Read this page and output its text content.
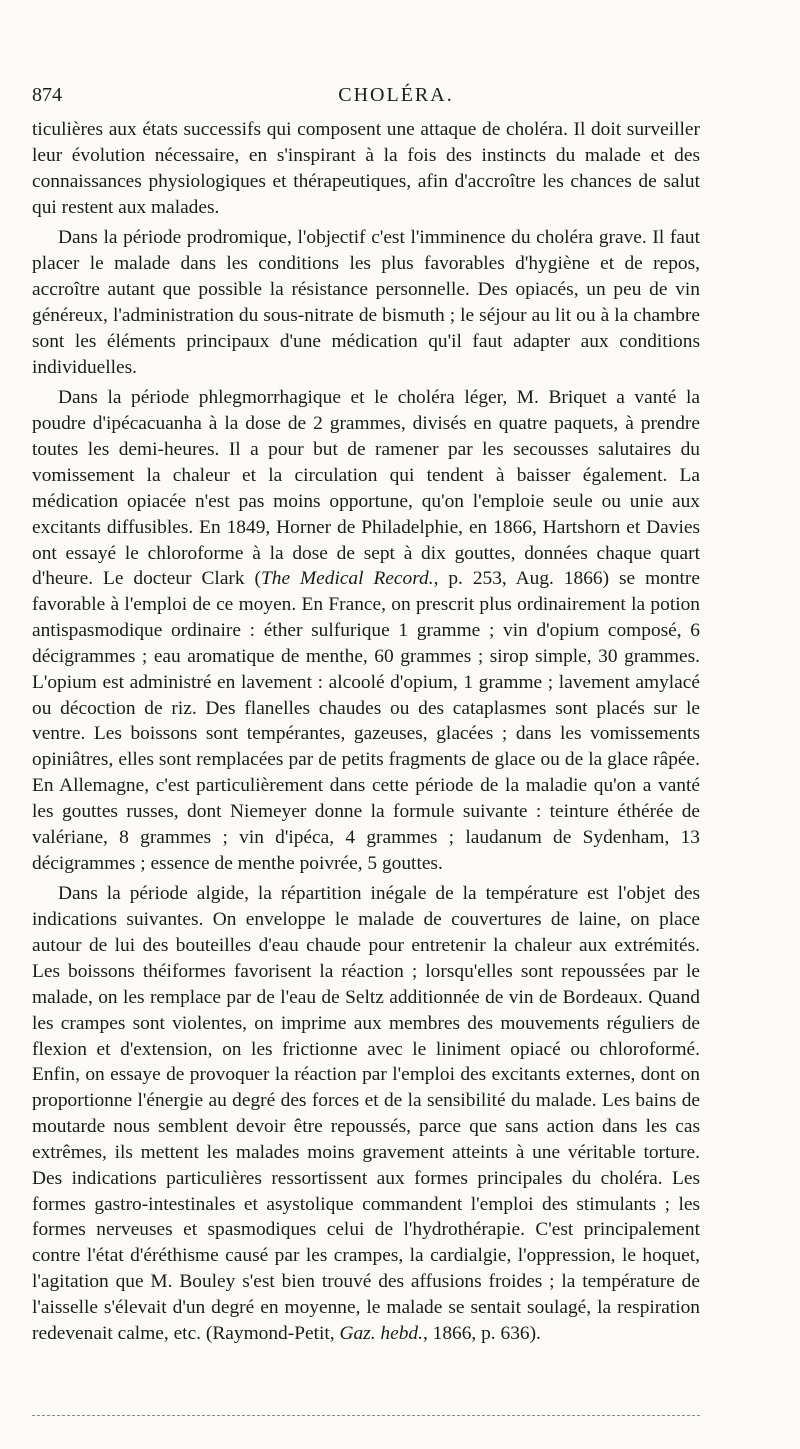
874	CHOLÉRA.

ticulières aux états successifs qui composent une attaque de choléra. Il doit surveiller leur évolution nécessaire, en s'inspirant à la fois des instincts du malade et des connaissances physiologiques et thérapeutiques, afin d'accroître les chances de salut qui restent aux malades.

Dans la période prodromique, l'objectif c'est l'imminence du choléra grave. Il faut placer le malade dans les conditions les plus favorables d'hygiène et de repos, accroître autant que possible la résistance personnelle. Des opiacés, un peu de vin généreux, l'administration du sous-nitrate de bismuth ; le séjour au lit ou à la chambre sont les éléments principaux d'une médication qu'il faut adapter aux conditions individuelles.

Dans la période phlegmorrhagique et le choléra léger, M. Briquet a vanté la poudre d'ipécacuanha à la dose de 2 grammes, divisés en quatre paquets, à prendre toutes les demi-heures. Il a pour but de ramener par les secousses salutaires du vomissement la chaleur et la circulation qui tendent à baisser également. La médication opiacée n'est pas moins opportune, qu'on l'emploie seule ou unie aux excitants diffusibles. En 1849, Horner de Philadelphie, en 1866, Hartshorn et Davies ont essayé le chloroforme à la dose de sept à dix gouttes, données chaque quart d'heure. Le docteur Clark (The Medical Record., p. 253, Aug. 1866) se montre favorable à l'emploi de ce moyen. En France, on prescrit plus ordinairement la potion antispasmodique ordinaire : éther sulfurique 1 gramme ; vin d'opium composé, 6 décigrammes ; eau aromatique de menthe, 60 grammes ; sirop simple, 30 grammes. L'opium est administré en lavement : alcoolé d'opium, 1 gramme ; lavement amylacé ou décoction de riz. Des flanelles chaudes ou des cataplasmes sont placés sur le ventre. Les boissons sont tempérantes, gazeuses, glacées ; dans les vomissements opiniâtres, elles sont remplacées par de petits fragments de glace ou de la glace râpée. En Allemagne, c'est particulièrement dans cette période de la maladie qu'on a vanté les gouttes russes, dont Niemeyer donne la formule suivante : teinture éthérée de valériane, 8 grammes ; vin d'ipéca, 4 grammes ; laudanum de Sydenham, 13 décigrammes ; essence de menthe poivrée, 5 gouttes.

Dans la période algide, la répartition inégale de la température est l'objet des indications suivantes. On enveloppe le malade de couvertures de laine, on place autour de lui des bouteilles d'eau chaude pour entretenir la chaleur aux extrémités. Les boissons théiformes favorisent la réaction ; lorsqu'elles sont repoussées par le malade, on les remplace par de l'eau de Seltz additionnée de vin de Bordeaux. Quand les crampes sont violentes, on imprime aux membres des mouvements réguliers de flexion et d'extension, on les frictionne avec le liniment opiacé ou chloroformé. Enfin, on essaye de provoquer la réaction par l'emploi des excitants externes, dont on proportionne l'énergie au degré des forces et de la sensibilité du malade. Les bains de moutarde nous semblent devoir être repoussés, parce que sans action dans les cas extrêmes, ils mettent les malades moins gravement atteints à une véritable torture. Des indications particulières ressortissent aux formes principales du choléra. Les formes gastro-intestinales et asystolique commandent l'emploi des stimulants ; les formes nerveuses et spasmodiques celui de l'hydrothérapie. C'est principalement contre l'état d'éréthisme causé par les crampes, la cardialgie, l'oppression, le hoquet, l'agitation que M. Bouley s'est bien trouvé des affusions froides ; la température de l'aisselle s'élevait d'un degré en moyenne, le malade se sentait soulagé, la respiration redevenait calme, etc. (Raymond-Petit, Gaz. hebd., 1866, p. 636).
